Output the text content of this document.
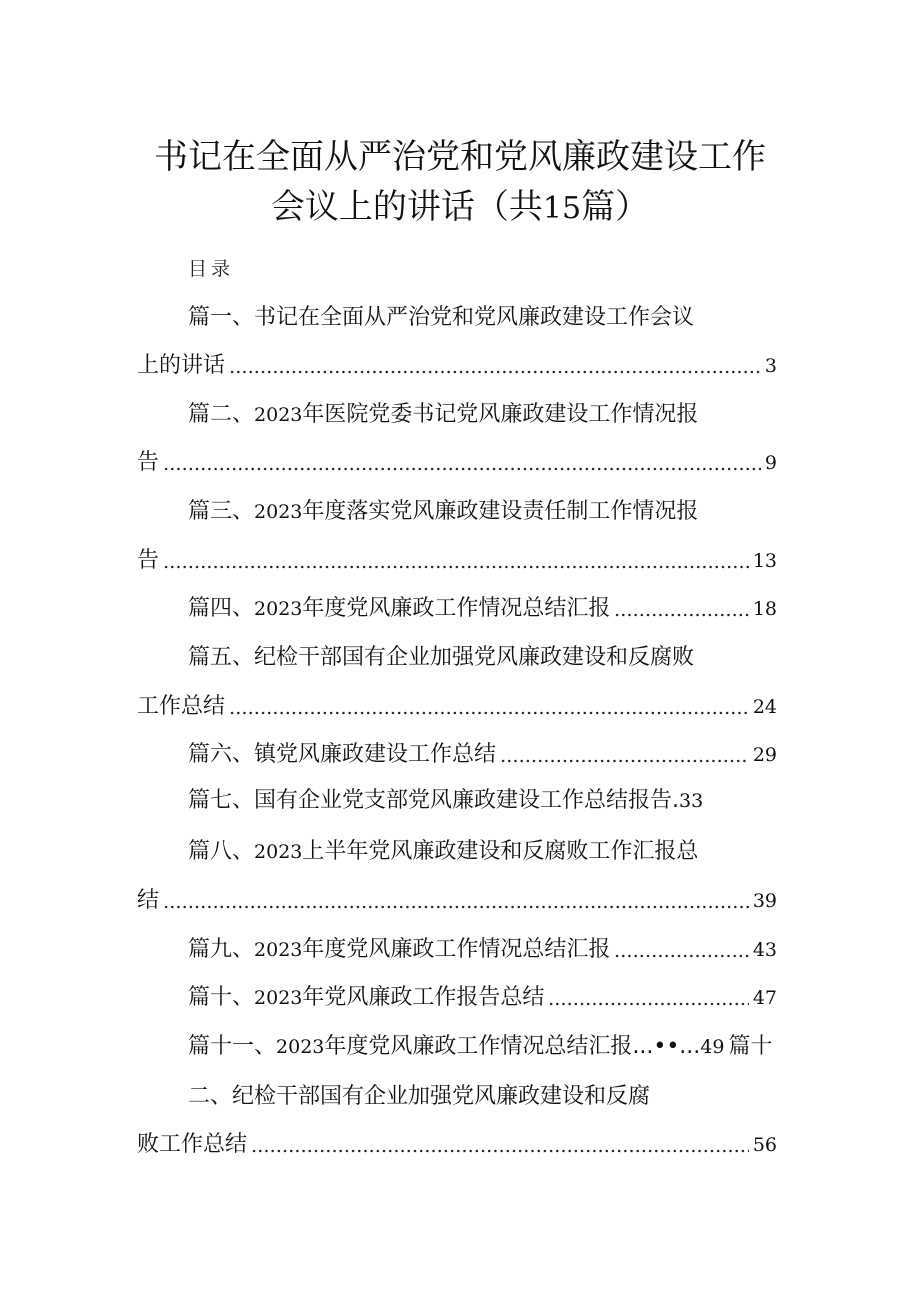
书记在全面从严治党和党风廉政建设工作
会议上的讲话（共15篇）
目录
篇一、书记在全面从严治党和党风廉政建设工作会议
上的讲话	3
篇二、2023年医院党委书记党风廉政建设工作情况报
告	9
篇三、2023年度落实党风廉政建设责任制工作情况报
告	13
篇四、2023年度党风廉政工作情况总结汇报	18
篇五、纪检干部国有企业加强党风廉政建设和反腐败
工作总结	24
篇六、镇党风廉政建设工作总结	29
篇七、国有企业党支部党风廉政建设工作总结报告.33
篇八、2023上半年党风廉政建设和反腐败工作汇报总
结	39
篇九、2023年度党风廉政工作情况总结汇报	43
篇十、2023年党风廉政工作报告总结	47
篇十一、2023年度党风廉政工作情况总结汇报...••...49 篇十
二、纪检干部国有企业加强党风廉政建设和反腐
败工作总结	56
